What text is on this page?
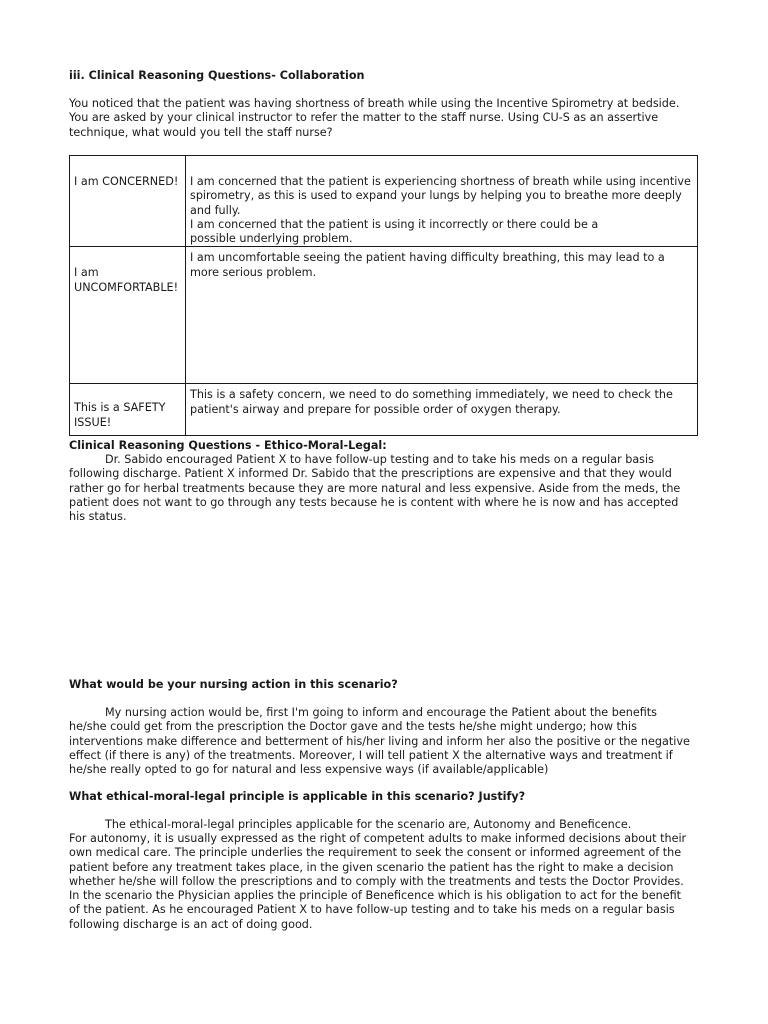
iii. Clinical Reasoning Questions- Collaboration

You noticed that the patient was having shortness of breath while using the Incentive Spirometry at bedside. You are asked by your clinical instructor to refer the matter to the staff nurse. Using CU-S as an assertive technique, what would you tell the staff nurse?

I am CONCERNED!	I am concerned that the patient is experiencing shortness of breath while using incentive spirometry, as this is used to expand your lungs by helping you to breathe more deeply and fully.
I am concerned that the patient is using it incorrectly or there could be a
possible underlying problem.

I am UNCOMFORTABLE!	I am uncomfortable seeing the patient having difficulty breathing, this may lead to a more serious problem.

This is a SAFETY ISSUE!	This is a safety concern, we need to do something immediately, we need to check the patient's airway and prepare for possible order of oxygen therapy.
Clinical Reasoning Questions - Ethico-Moral-Legal:

Dr. Sabido encouraged Patient X to have follow-up testing and to take his meds on a regular basis following discharge. Patient X informed Dr. Sabido that the prescriptions are expensive and that they would rather go for herbal treatments because they are more natural and less expensive. Aside from the meds, the patient does not want to go through any tests because he is content with where he is now and has accepted his status.

What would be your nursing action in this scenario?

My nursing action would be, first I'm going to inform and encourage the Patient about the benefits he/she could get from the prescription the Doctor gave and the tests he/she might undergo; how this interventions make difference and betterment of his/her living and inform her also the positive or the negative effect (if there is any) of the treatments. Moreover, I will tell patient X the alternative ways and treatment if he/she really opted to go for natural and less expensive ways (if available/applicable)

What ethical-moral-legal principle is applicable in this scenario? Justify?

The ethical-moral-legal principles applicable for the scenario are, Autonomy and Beneficence.

For autonomy, it is usually expressed as the right of competent adults to make informed decisions about their own medical care. The principle underlies the requirement to seek the consent or informed agreement of the patient before any treatment takes place, in the given scenario the patient has the right to make a decision whether he/she will follow the prescriptions and to comply with the treatments and tests the Doctor Provides. In the scenario the Physician applies the principle of Beneficence which is his obligation to act for the benefit of the patient. As he encouraged Patient X to have follow-up testing and to take his meds on a regular basis following discharge is an act of doing good.
